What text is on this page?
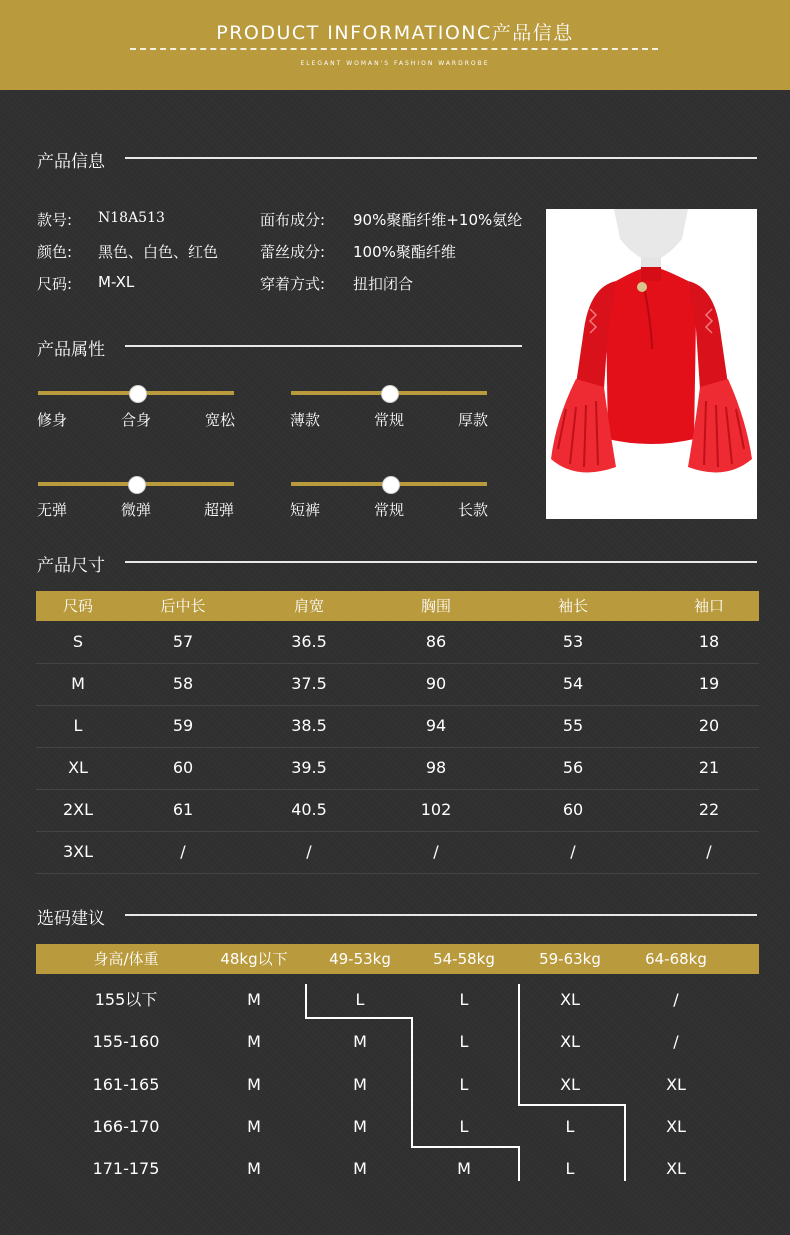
PRODUCT INFORMATIONC产品信息
ELEGANT WOMAN'S FASHION WARDROBE
产品信息
款号: N18A513
颜色: 黑色、白色、红色
尺码: M-XL
面布成分: 90%聚酯纤维+10%氨纶
蕾丝成分: 100%聚酯纤维
穿着方式: 扭扣闭合
产品属性
修身	合身	宽松	薄款	常规	厚款
无弹	微弹	超弹	短裤	常规	长款
产品尺寸
尺码	后中长	肩宽	胸围	袖长	袖口
S	57	36.5	86	53	18
M	58	37.5	90	54	19
L	59	38.5	94	55	20
XL	60	39.5	98	56	21
2XL	61	40.5	102	60	22
3XL	/	/	/	/	/
选码建议
身高/体重	48kg以下	49-53kg	54-58kg	59-63kg	64-68kg
155以下	M	L	L	XL	/
155-160	M	M	L	XL	/
161-165	M	M	L	XL	XL
166-170	M	M	L	L	XL
171-175	M	M	M	L	XL
